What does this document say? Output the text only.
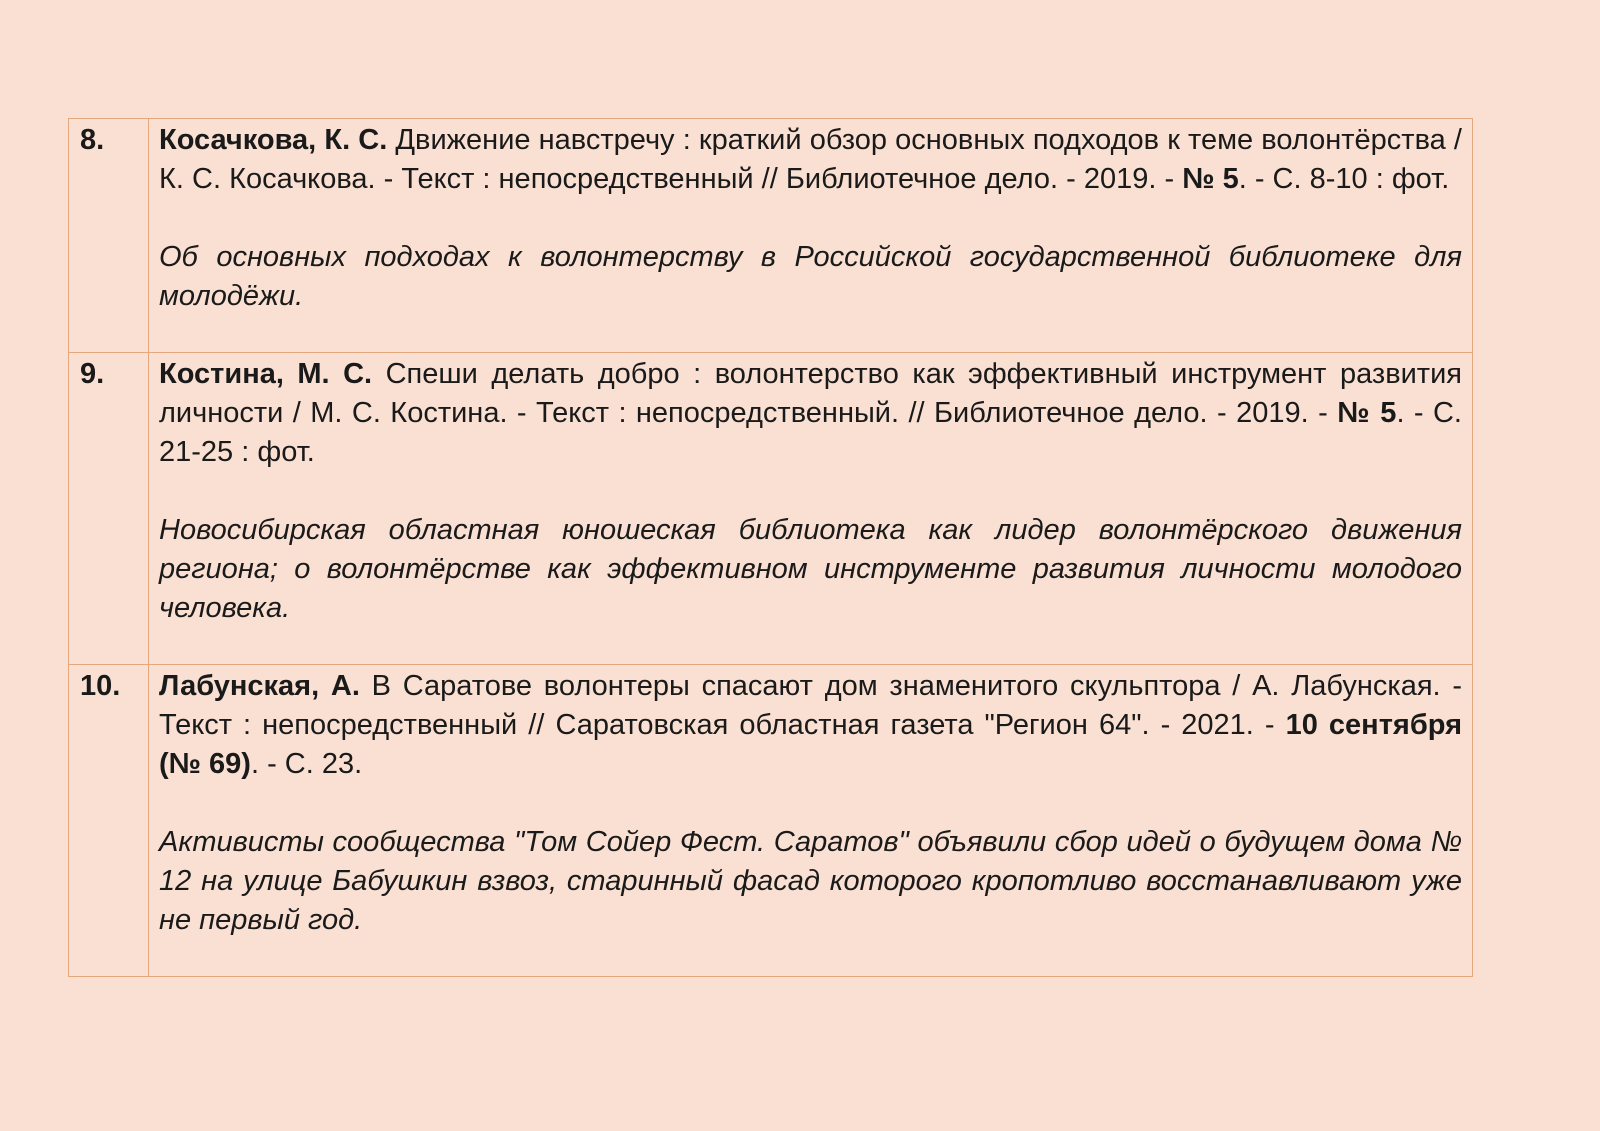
8.	Косачкова, К. С. Движение навстречу : краткий обзор основных подходов к теме волонтёрства / К. С. Косачкова. - Текст : непосредственный // Библиотечное дело. - 2019. - № 5. - С. 8-10 : фот.

Об основных подходах к волонтерству в Российской государственной библиотеке для молодёжи.

9.	Костина, М. С. Спеши делать добро : волонтерство как эффективный инструмент развития личности / М. С. Костина. - Текст : непосредственный. // Библиотечное дело. - 2019. - № 5. - С. 21-25 : фот.

Новосибирская областная юношеская библиотека как лидер волонтёрского движения региона; о волонтёрстве как эффективном инструменте развития личности молодого человека.

10.	Лабунская, А. В Саратове волонтеры спасают дом знаменитого скульптора / А. Лабунская. - Текст : непосредственный // Саратовская областная газета "Регион 64". - 2021. - 10 сентября (№ 69). - С. 23.

Активисты сообщества "Том Сойер Фест. Саратов" объявили сбор идей о будущем дома № 12 на улице Бабушкин взвоз, старинный фасад которого кропотливо восстанавливают уже не первый год.
